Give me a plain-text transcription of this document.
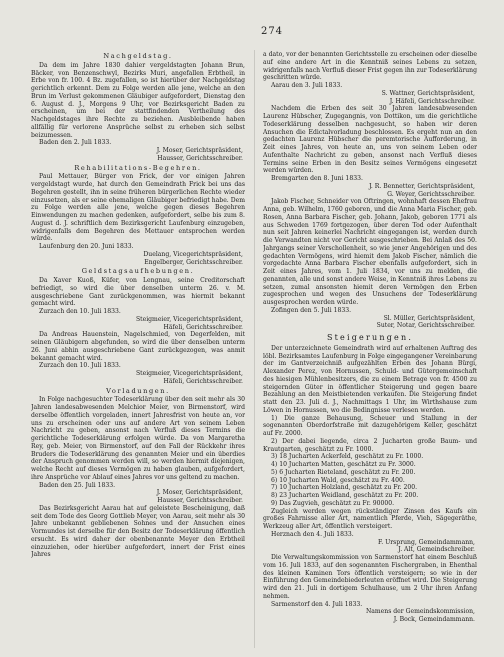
274
Nachgeldstag.

Da dem im Jahre 1830 dahier vergeldstagten Johann Brun, Bäcker, von Benzenschwyl, Bezirks Muri, angefallen Erbtheil, in Erbe von fr. 100. 4 Bz. zugefallen, so ist hierüber der Nachgeldstag gerichtlich erkennt. Dem zu Folge werden alle jene, welche an den Brun im Verlust gekommenen Gläubiger aufgefordert, Dienstag den 6. August d. J., Morgens 9 Uhr, vor Bezirksgericht Baden zu erscheinen, um bei der stattfindenden Vertheilung des Nachgeldstages ihre Rechte zu beziehen. Ausbleibende haben allfällig für verlorene Ansprüche selbst zu erheben sich selbst beizumessen.

Baden den 2. Juli 1833.

J. Moser, Gerichtspräsident,

Hausser, Gerichtsschreiber.

Rehabilitations-Begehren.

Paul Mettauer, Bürger von Frick, der vor einigen Jahren vergeldstagt wurde, hat durch den Gemeindrath Frick bei uns das Begehren gestellt, ihn in seine früheren bürgerlichen Rechte wieder einzusetzen, als er seine ehemaligen Gläubiger befriedigt habe. Dem zu Folge werden alle jene, welche gegen dieses Begehren Einwendungen zu machen gedenken, aufgefordert, selbe bis zum 8. August d. J. schriftlich dem Bezirksgericht Laufenburg einzugeben, widrigenfalls dem Begehren des Mettauer entsprochen werden würde.

Laufenburg den 20. Juni 1833.

Duelang, Vicegerichtspräsident,

Engelberger, Gerichtsschreiber.

Geldstagsaufhebungen.

Da Xaver Kuoß, Küfer, von Lengnau, seine Creditorschaft befriedigt, so wird die über denselben unterm 26. v. M. ausgeschriebene Gant zurückgenommen, was hiermit bekannt gemacht wird.

Zurzach den 10. Juli 1833.

Steigmeier, Vicegerichtspräsident,

Häfeli, Gerichtsschreiber.

Da Andreas Hauenstein, Nagelschmied, von Degerfelden, mit seinen Gläubigern abgefunden, so wird die über denselben unterm 26. Juni abhin ausgeschriebene Gant zurückgezogen, was anmit bekannt gemacht wird.

Zurzach den 10. Juli 1833.

Steigmeier, Vicegerichtspräsident,

Häfeli, Gerichtsschreiber.

Vorladungen.

In Folge nachgesuchter Todeserklärung über den seit mehr als 30 Jahren landesabwesenden Melchior Meier, von Birmenstorf, wird derselbe öffentlich vorgeladen, innert Jahresfrist von heute an, vor uns zu erscheinen oder uns auf andere Art von seinem Leben Nachricht zu geben, ansonst nach Verfluß dieses Termins die gerichtliche Todeserklärung erfolgen würde. Da von Margaretha Rey, geb. Meier, von Birmenstorf, auf den Fall der Rückkehr ihres Bruders die Todeserklärung des genannten Meier und ein überdies der Anspruch genommen werden will, so werden hiermit diejenigen, welche Recht auf dieses Vermögen zu haben glauben, aufgefordert, ihre Ansprüche vor Ablauf eines Jahres vor uns geltend zu machen.

Baden den 25. Juli 1833.

J. Moser, Gerichtspräsident,

Hausser, Gerichtsschreiber.

Das Bezirksgericht Aarau hat auf geleistete Bescheinigung, daß seit dem Tode des Georg Gottlieb Meyer, von Aarau, seit mehr als 30 Jahre unbekannt gebliebenen Sohnes und der Ansuchen eines Vormundes ist derselbe für den Besitz der Todeserklärung öffentlich ersucht. Es wird daher der obenbenannte Meyer den Erbtheil einzuziehen, oder hierüber aufgefordert, innert der Frist eines Jahres

a dato, vor der benannten Gerichtsstelle zu erscheinen oder dieselbe auf eine andere Art in die Kenntniß seines Lebens zu setzen, widrigenfalls nach Verfluß dieser Frist gegen ihn zur Todeserklärung geschritten würde.

Aarau den 3. Juli 1833.

S. Wattner, Gerichtspräsident,

J. Häfeli, Gerichtsschreiber.

Nachdem die Erben des seit 30 Jahren landesabwesenden Laurenz Hübscher, Zugegangnis, von Dottikon, um die gerichtliche Todeserklärung desselben nachgesucht, so haben wir deren Ansuchen die Edictalvorladung beschlossen. Es ergeht nun an den gedachten Laurenz Hübscher die peremtorische Aufforderung, in Zeit eines Jahres, von heute an, uns von seinem Leben oder Aufenthalte Nachricht zu geben, ansonst nach Verfluß dieses Termins seine Erben in den Besitz seines Vermögens eingesetzt werden würden.

Bremgarten den 8. Juni 1833.

J. R. Bennetter, Gerichtspräsident,

G. Weyer, Gerichtsschreiber.

Jakob Fischer, Schneider von Oftringen, wohnhaft dessen Ehefrau Anna, geb. Wilhelm, 1760 geboren, und die Anna Maria Fischer, geb. Rosen, Anna Barbara Fischer, geb. Johann, Jakob, geboren 1771 als aus Schweden 1769 fortgezogen, über deren Tod oder Aufenthalt nun seit Jahren keinerlei Nachricht eingegangen ist, werden durch die Verwandten nicht vor Gericht ausgeschrieben. Bei Anlaß des 50. Jahrgangs seiner Verschollenheit, so wie jener Angehörigen und des gedachten Vermögens, wird hiemit dem Jakob Fischer, nämlich die vorgedachte Anna Barbara Fischer ebenfalls aufgefordert, sich in Zeit eines Jahres, vom 1. Juli 1834, vor uns zu melden, die genannten, alle und sonst andere Weise, in Kenntniß ihres Lebens zu setzen, zumal ansonsten hiemit deren Vermögen den Erben zugesprochen und wegen des Unsuchens der Todeserklärung ausgesprochen werden würde.

Zofingen den 5. Juli 1833.

Sl. Müller, Gerichtspräsident,

Suter, Notar, Gerichtsschreiber.

Steigerungen.

Der unterzeichnete Gemeindrath wird auf erhaltenen Auftrag des löbl. Bezirksamtes Laufenburg in Folge eingegangener Vereinbarung der im Gantverzeichniß aufgezählten Erben des Johann Bürgi, Alexander Perez, von Hornussen, Schuld- und Gütergemeinschaft des hiesigen Mühlenbesitzers, die zu einem Betrage von fr. 4500 zu steigernden Güter in öffentlicher Steigerung und gegen baare Bezahlung an den Meistbietenden verkaufen. Die Steigerung findet statt den 23. Juli d. J., Nachmittags 1 Uhr, im Wirthshause zum Löwen in Hornussen, wo die Bedingnisse verlesen werden.

1) Die ganze Behausung, Scheuer und Stallung in der sogenannten Oberdorfstraße mit dazugehörigem Keller, geschätzt auf Fr. 2000.

2) Der dabei liegende, circa 2 Jucharten große Baum- und Krautgarten, geschätzt zu Fr. 1000.

3) 18 Jucharten Ackerfeld, geschätzt zu Fr. 1000.

4) 10 Jucharten Matten, geschätzt zu Fr. 3000.

5) 6 Jucharten Rieteland, geschätzt zu Fr. 200.

6) 10 Jucharten Wald, geschätzt zu Fr. 400.

7) 10 Jucharten Holzland, geschätzt zu Fr. 200.

8) 23 Jucharten Weidland, geschätzt zu Fr. 200.

9) Das Zugvieh, geschätzt zu Fr. 90000.

Zugleich werden wegen rückständiger Zinsen des Kaufs ein großes Fahrnisse aller Art, namentlich Pferde, Vieh, Sägegeräthe, Werkzeug aller Art, öffentlich versteigert.

Herznach den 4. Juli 1833.

F. Ursprung, Gemeindammann,

J. Alt, Gemeindschreiber.

Die Verwaltungskommission von Sarmenstorf hat einem Beschluß vom 16. Juli 1833, auf den sogenannten Fischergraben, in Ehenthal des kleinen Kaminen Tors öffentlich versteigern; so wie in der Einführung den Gemeindebiederleuten eröffnet wird. Die Steigerung wird den 21. Juli in dortigem Schulhause, um 2 Uhr ihren Anfang nehmen.

Sarmenstorf den 4. Juli 1833.

Namens der Gemeindskommission,

J. Bock, Gemeindammann.
